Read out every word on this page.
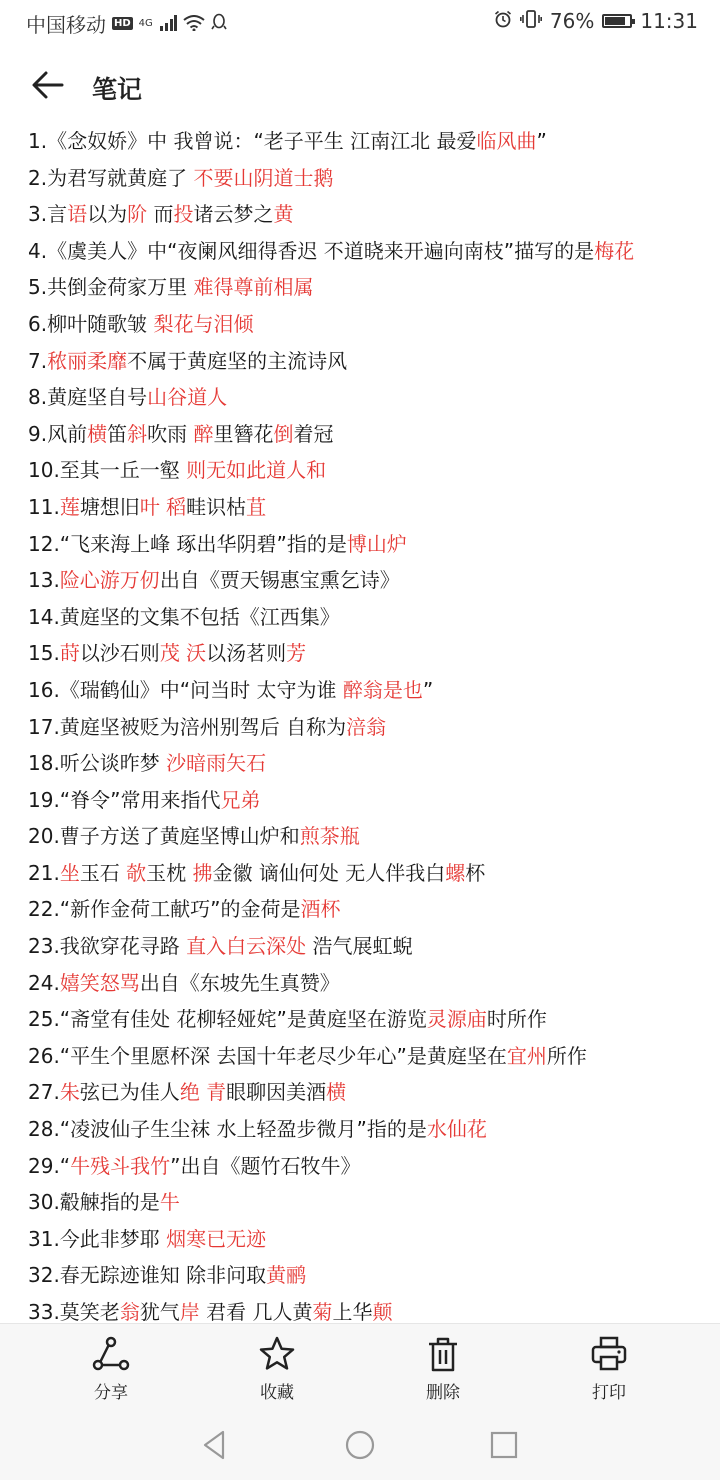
中国移动 HD 4G	76% 11:31
笔记
1.《念奴娇》中 我曾说：“老子平生 江南江北 最爱临风曲”
2.为君写就黄庭了 不要山阴道士鹅
3.言语以为阶 而投诸云梦之黄
4.《虞美人》中“夜阑风细得香迟 不道晓来开遍向南枝”描写的是梅花
5.共倒金荷家万里 难得尊前相属
6.柳叶随歌皱 梨花与泪倾
7.秾丽柔靡不属于黄庭坚的主流诗风
8.黄庭坚自号山谷道人
9.风前横笛斜吹雨 醉里簪花倒着冠
10.至其一丘一壑 则无如此道人和
11.莲塘想旧叶 稻畦识枯苴
12.“飞来海上峰 琢出华阴碧”指的是博山炉
13.险心游万仞出自《贾天锡惠宝熏乞诗》
14.黄庭坚的文集不包括《江西集》
15.莳以沙石则茂 沃以汤茗则芳
16.《瑞鹤仙》中“问当时 太守为谁 醉翁是也”
17.黄庭坚被贬为涪州别驾后 自称为涪翁
18.听公谈昨梦 沙暗雨矢石
19.“脊令”常用来指代兄弟
20.曹子方送了黄庭坚博山炉和煎茶瓶
21.坐玉石 欹玉枕 拂金徽 谪仙何处 无人伴我白螺杯
22.“新作金荷工献巧”的金荷是酒杯
23.我欲穿花寻路 直入白云深处 浩气展虹蜺
24.嬉笑怒骂出自《东坡先生真赞》
25.“斋堂有佳处 花柳轻娅姹”是黄庭坚在游览灵源庙时所作
26.“平生个里愿杯深 去国十年老尽少年心”是黄庭坚在宜州所作
27.朱弦已为佳人绝 青眼聊因美酒横
28.“凌波仙子生尘袜 水上轻盈步微月”指的是水仙花
29.“牛残斗我竹”出自《题竹石牧牛》
30.觳觫指的是牛
31.今此非梦耶 烟寒已无迹
32.春无踪迹谁知 除非问取黄鹂
33.莫笑老翁犹气岸 君看 几人黄菊上华颠
分享	收藏	删除	打印
